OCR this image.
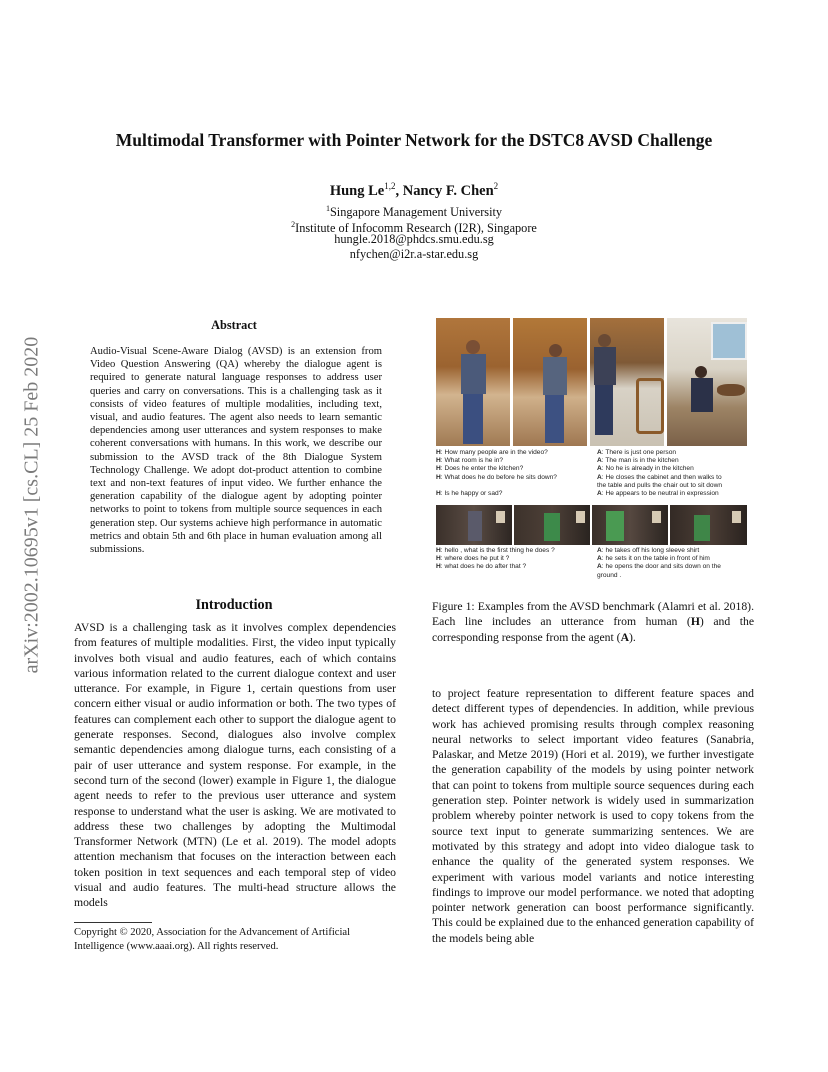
Multimodal Transformer with Pointer Network for the DSTC8 AVSD Challenge
Hung Le$^{1,2}$, Nancy F. Chen$^2$
$^1$Singapore Management University
$^2$Institute of Infocomm Research (I2R), Singapore
hungle.2018@phdcs.smu.edu.sg
nfychen@i2r.a-star.edu.sg
arXiv:2002.10695v1 [cs.CL] 25 Feb 2020
Abstract
Audio-Visual Scene-Aware Dialog (AVSD) is an extension from Video Question Answering (QA) whereby the dialogue agent is required to generate natural language responses to address user queries and carry on conversations. This is a challenging task as it consists of video features of multiple modalities, including text, visual, and audio features. The agent also needs to learn semantic dependencies among user utterances and system responses to make coherent conversations with humans. In this work, we describe our submission to the AVSD track of the 8th Dialogue System Technology Challenge. We adopt dot-product attention to combine text and non-text features of input video. We further enhance the generation capability of the dialogue agent by adopting pointer networks to point to tokens from multiple source sequences in each generation step. Our systems achieve high performance in automatic metrics and obtain 5th and 6th place in human evaluation among all submissions.
Introduction
AVSD is a challenging task as it involves complex dependencies from features of multiple modalities. First, the video input typically involves both visual and audio features, each of which contains various information related to the current dialogue context and user utterance. For example, in Figure 1, certain questions from user concern either visual or audio information or both. The two types of features can complement each other to support the dialogue agent to generate responses. Second, dialogues also involve complex semantic dependencies among dialogue turns, each consisting of a pair of user utterance and system response. For example, in the second turn of the second (lower) example in Figure 1, the dialogue agent needs to refer to the previous user utterance and system response to understand what the user is asking. We are motivated to address these two challenges by adopting the Multimodal Transformer Network (MTN) (Le et al. 2019). The model adopts attention mechanism that focuses on the interaction between each token position in text sequences and each temporal step of video visual and audio features. The multi-head structure allows the models
Copyright © 2020, Association for the Advancement of Artificial
Intelligence (www.aaai.org). All rights reserved.
H: How many people are in the video?
H: What room is he in?
H: Does he enter the kitchen?
H: What does he do before he sits down?

H: Is he happy or sad?
A: There is just one person
A: The man is in the kitchen
A: No he is already in the kitchen
A: He closes the cabinet and then walks to
the table and pulls the chair out to sit down
A: He appears to be neutral in expression
H: hello , what is the first thing he does ?
H: where does he put it ?
H: what does he do after that ?
A: he takes off his long sleeve shirt
A: he sets it on the table in front of him
A: he opens the door and sits down on the
ground .
Figure 1: Examples from the AVSD benchmark (Alamri et al. 2018). Each line includes an utterance from human (H) and the corresponding response from the agent (A).
to project feature representation to different feature spaces and detect different types of dependencies. In addition, while previous work has achieved promising results through complex reasoning neural networks to select important video features (Sanabria, Palaskar, and Metze 2019) (Hori et al. 2019), we further investigate the generation capability of the models by using pointer network that can point to tokens from multiple source sequences during each generation step. Pointer network is widely used in summarization problem whereby pointer network is used to copy tokens from the source text input to generate summarizing sentences. We are motivated by this strategy and adopt into video dialogue task to enhance the quality of the generated system responses. We experiment with various model variants and notice interesting findings to improve our model performance. we noted that adopting pointer network generation can boost performance significantly. This could be explained due to the enhanced generation capability of the models being able
